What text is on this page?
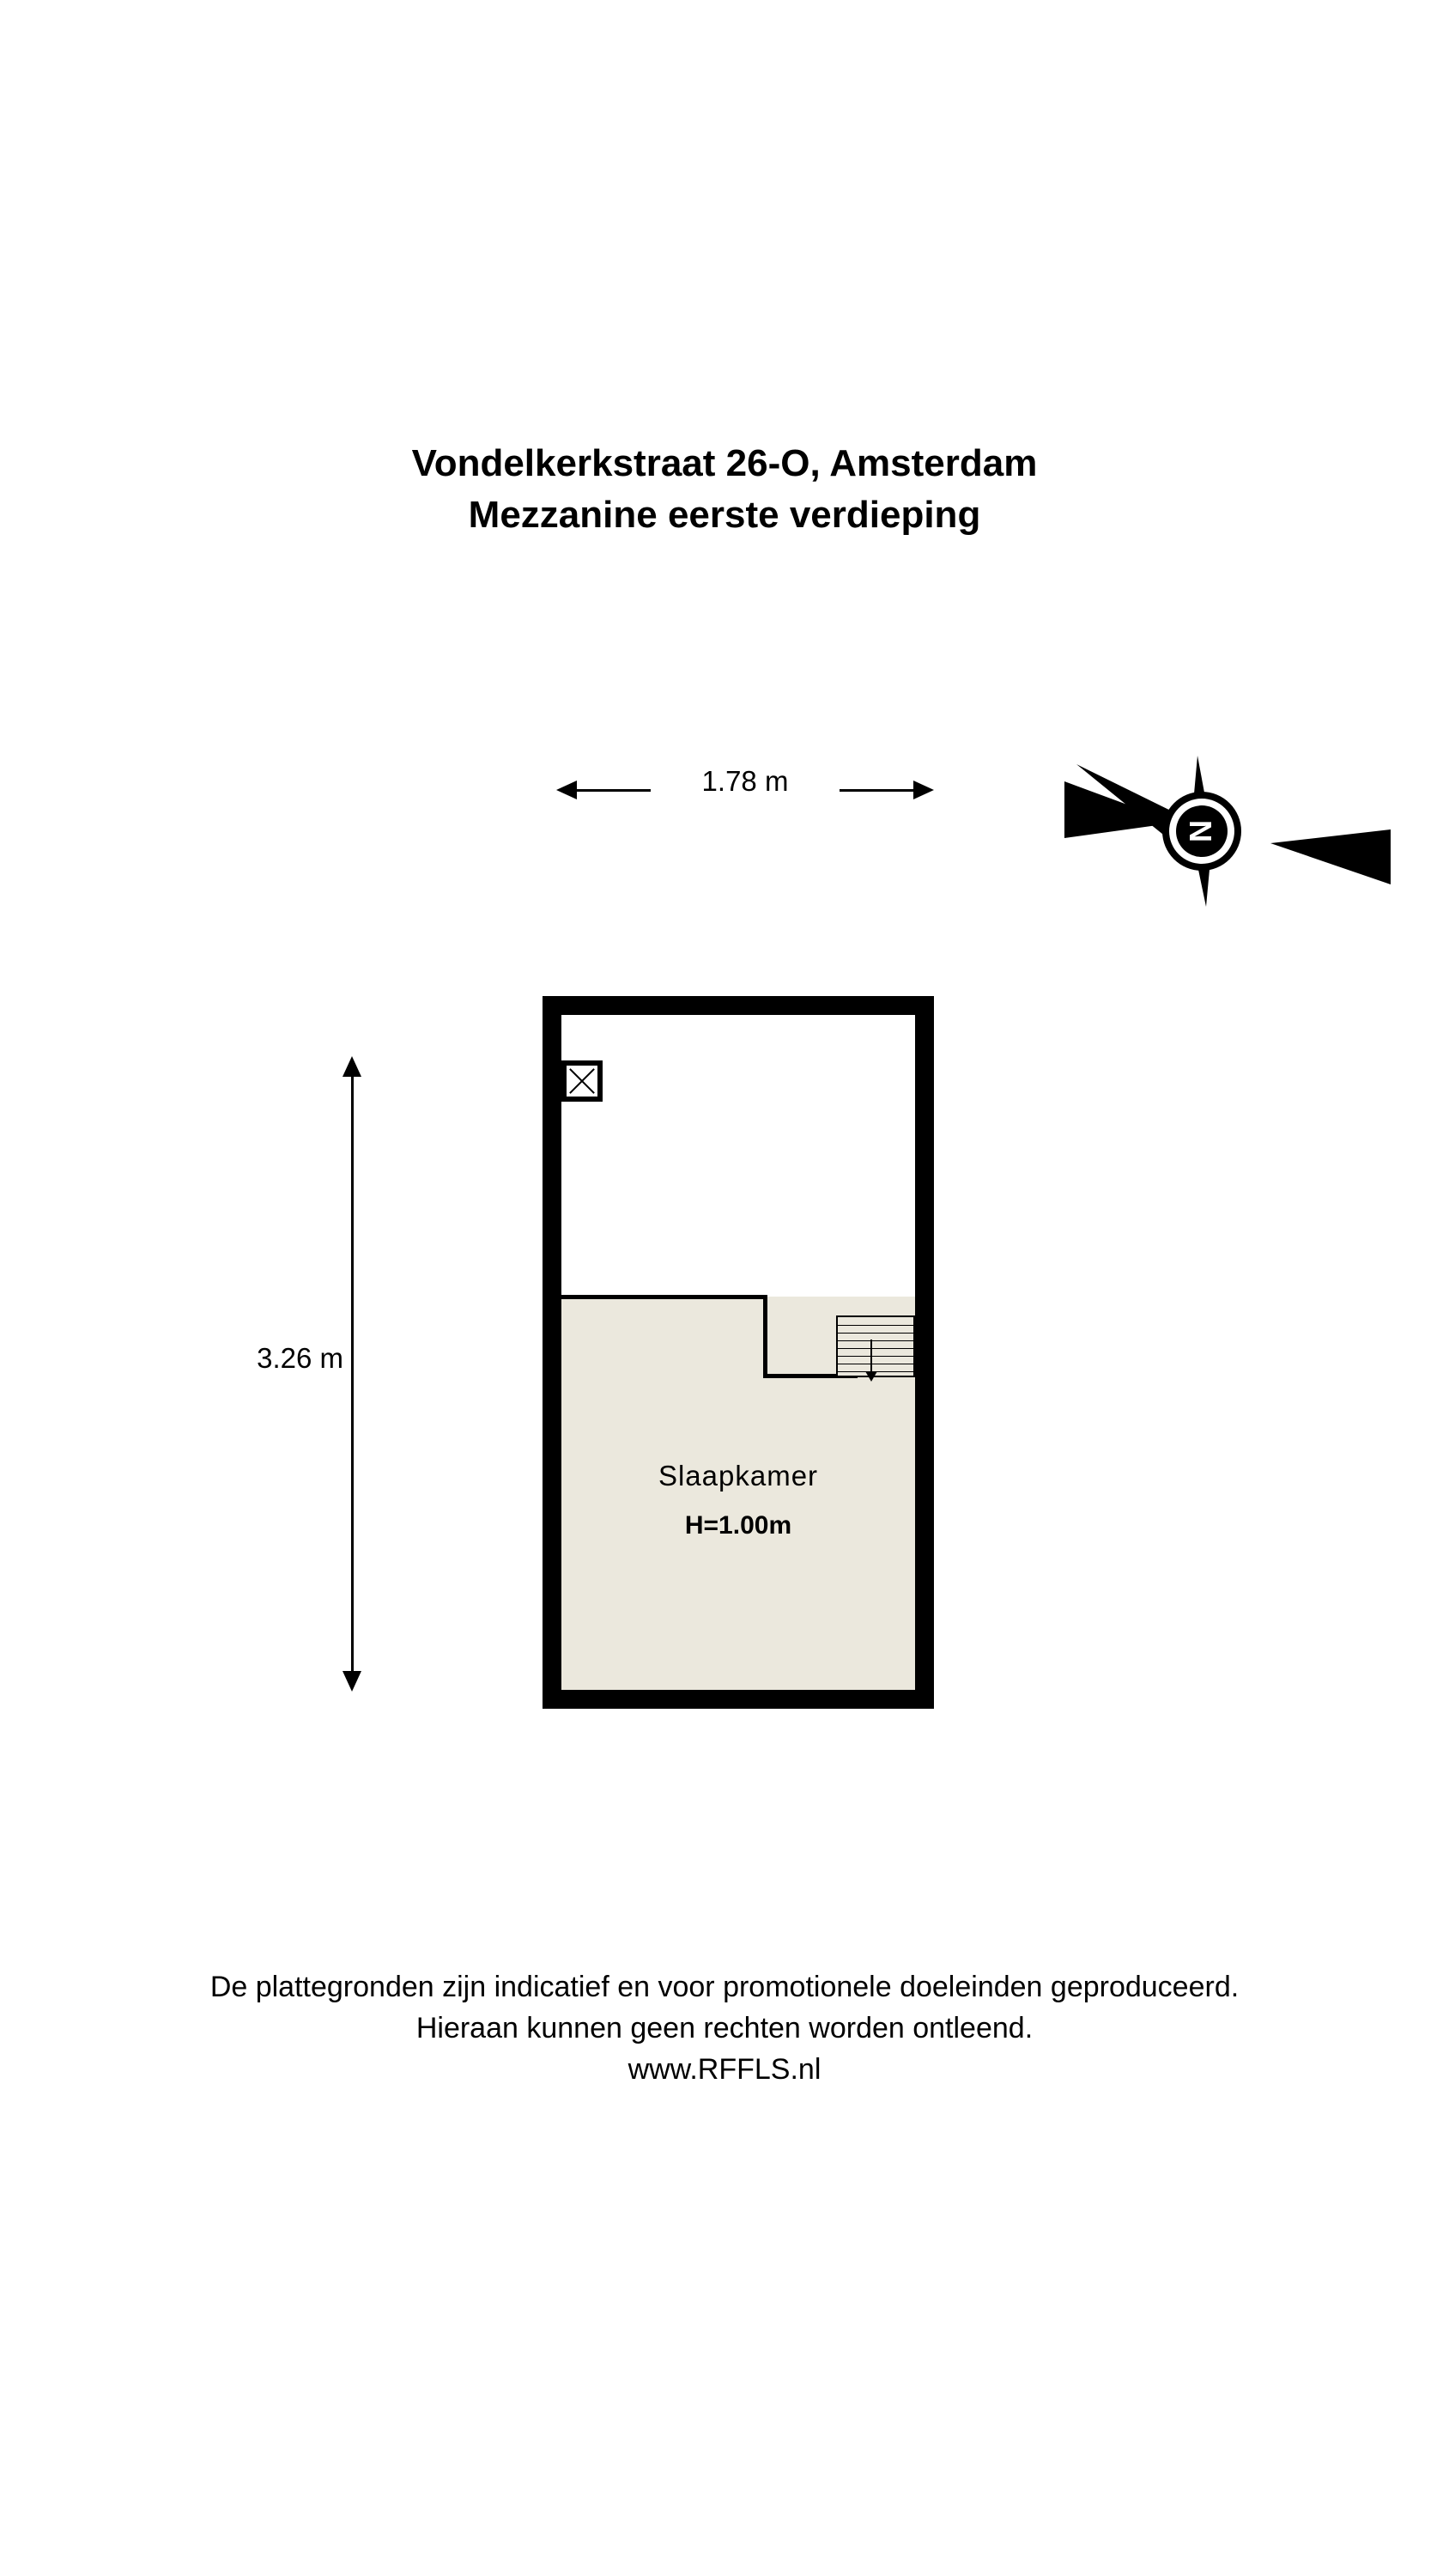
Vondelkerkstraat 26-O, Amsterdam
Mezzanine eerste verdieping
1.78 m
3.26 m
N
Slaapkamer
H=1.00m
De plattegronden zijn indicatief en voor promotionele doeleinden geproduceerd.
Hieraan kunnen geen rechten worden ontleend.
www.RFFLS.nl
